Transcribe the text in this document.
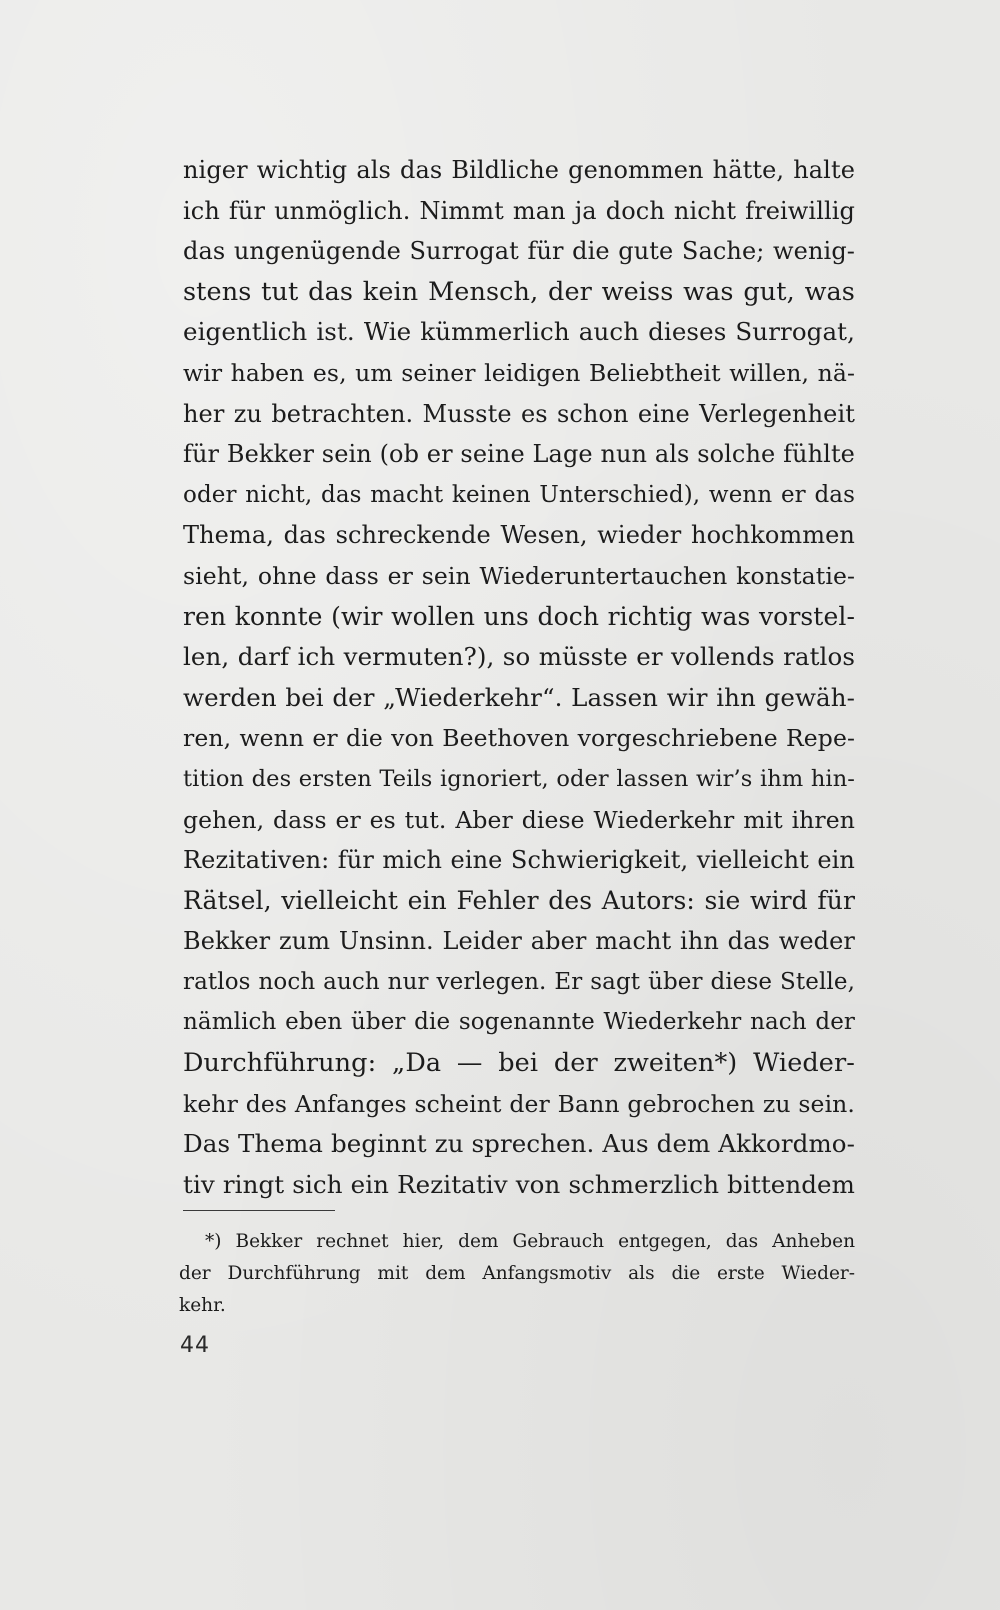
niger wichtig als das Bildliche genommen hätte, halte
ich für unmöglich. Nimmt man ja doch nicht freiwillig
das ungenügende Surrogat für die gute Sache; wenig-
stens tut das kein Mensch, der weiss was gut, was
eigentlich ist. Wie kümmerlich auch dieses Surrogat,
wir haben es, um seiner leidigen Beliebtheit willen, nä-
her zu betrachten. Musste es schon eine Verlegenheit
für Bekker sein (ob er seine Lage nun als solche fühlte
oder nicht, das macht keinen Unterschied), wenn er das
Thema, das schreckende Wesen, wieder hochkommen
sieht, ohne dass er sein Wiederuntertauchen konstatie-
ren konnte (wir wollen uns doch richtig was vorstel-
len, darf ich vermuten?), so müsste er vollends ratlos
werden bei der „Wiederkehr“. Lassen wir ihn gewäh-
ren, wenn er die von Beethoven vorgeschriebene Repe-
tition des ersten Teils ignoriert, oder lassen wir’s ihm hin-
gehen, dass er es tut. Aber diese Wiederkehr mit ihren
Rezitativen: für mich eine Schwierigkeit, vielleicht ein
Rätsel, vielleicht ein Fehler des Autors: sie wird für
Bekker zum Unsinn. Leider aber macht ihn das weder
ratlos noch auch nur verlegen. Er sagt über diese Stelle,
nämlich eben über die sogenannte Wiederkehr nach der
Durchführung: „Da — bei der zweiten*) Wieder-
kehr des Anfanges scheint der Bann gebrochen zu sein.
Das Thema beginnt zu sprechen. Aus dem Akkordmo-
tiv ringt sich ein Rezitativ von schmerzlich bittendem
*) Bekker rechnet hier, dem Gebrauch entgegen, das Anheben
der Durchführung mit dem Anfangsmotiv als die erste Wieder-
kehr.
44
